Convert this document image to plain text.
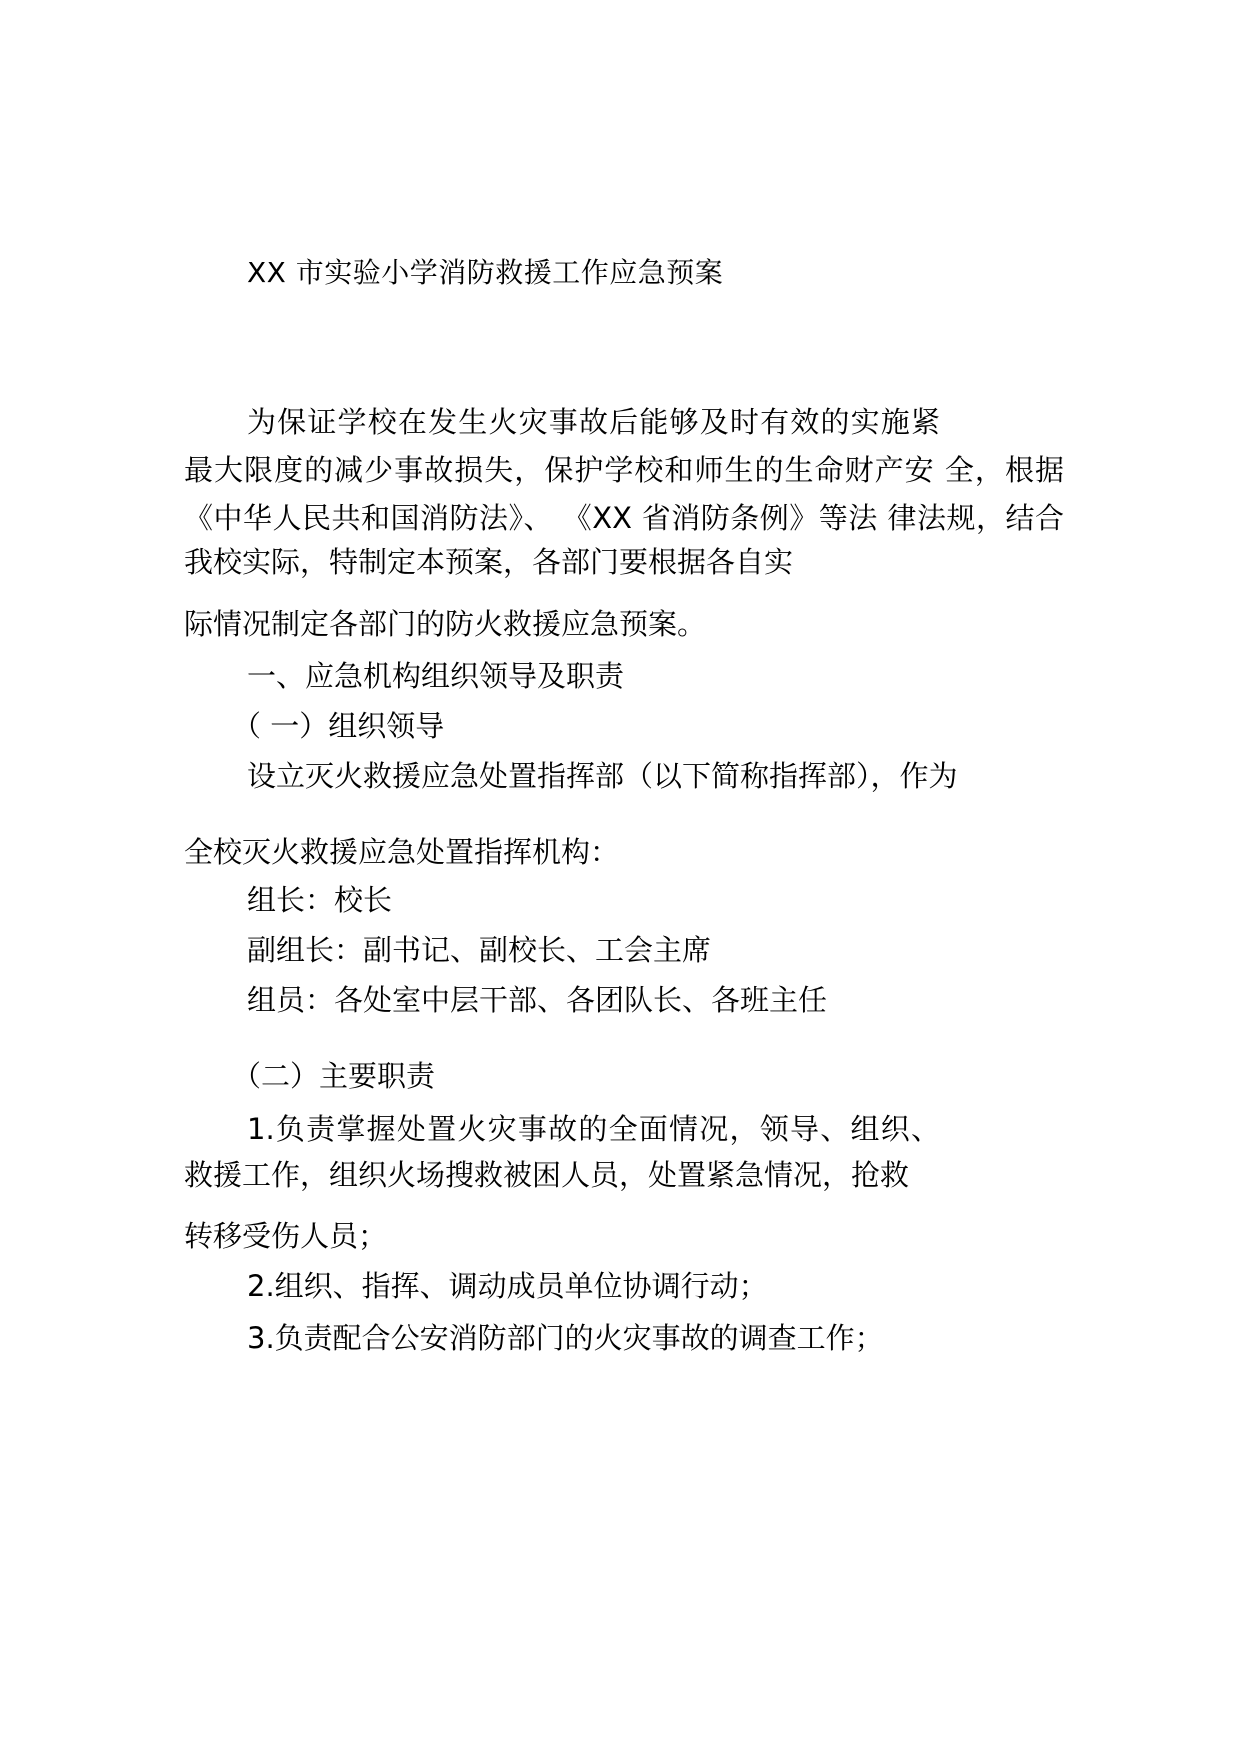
XX 市实验小学消防救援工作应急预案
为保证学校在发生火灾事故后能够及时有效的实施紧
最大限度的减少事故损失，保护学校和师生的生命财产安 全，根据
《中华人民共和国消防法》、 《XX 省消防条例》等法 律法规，结合
我校实际，特制定本预案，各部门要根据各自实
际情况制定各部门的防火救援应急预案。
一、应急机构组织领导及职责
（ 一）组织领导
设立灭火救援应急处置指挥部（以下简称指挥部），作为
全校灭火救援应急处置指挥机构：
组长：校长
副组长：副书记、副校长、工会主席
组员：各处室中层干部、各团队长、各班主任
（二）主要职责
1.负责掌握处置火灾事故的全面情况，领导、组织、
救援工作，组织火场搜救被困人员，处置紧急情况，抢救
转移受伤人员；
2.组织、指挥、调动成员单位协调行动；
3.负责配合公安消防部门的火灾事故的调查工作；
